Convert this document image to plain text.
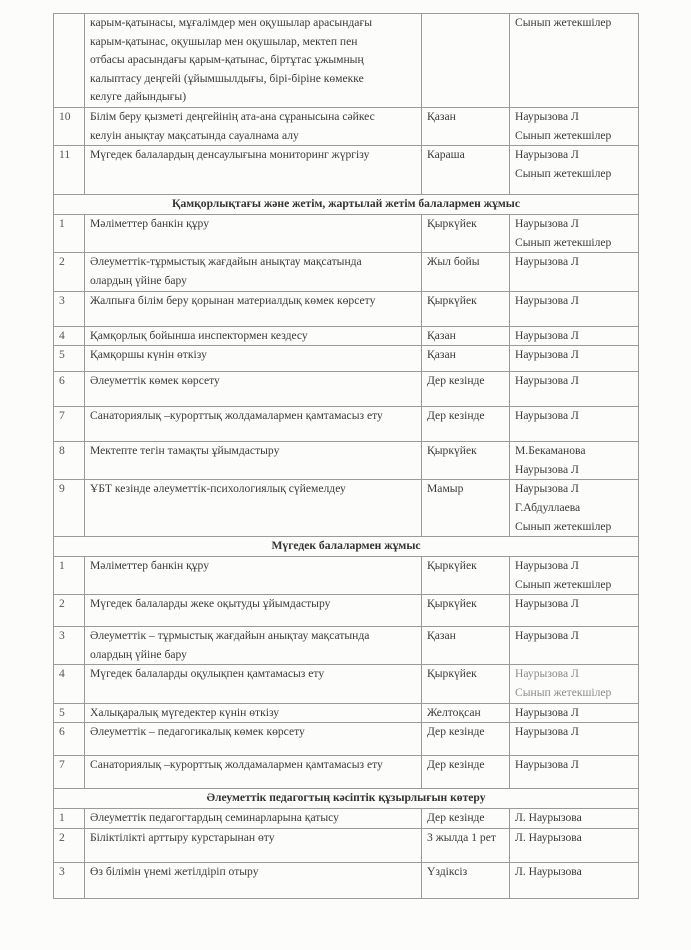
	карым-қатынасы, мұғалімдер мен оқушылар арасындағы
карым-қатынас, оқушылар мен оқушылар, мектеп пен
отбасы арасындағы қарым-қатынас, біртұтас ұжымның
калыптасу деңгейі (ұйымшылдығы, бірі-біріне көмекке
келуге дайындығы)		Сынып жетекшілер

10	Білім беру қызметі деңгейінің ата-ана сұранысына сәйкес
келуін анықтау мақсатында сауалнама алу	Қазан	Наурызова Л
Сынып жетекшілер

11	Мүгедек балалардың денсаулығына мониторинг жүргізу	Караша	Наурызова Л
Сынып жетекшілер

Қамқорлықтағы және жетім, жартылай жетім балалармен жұмыс			
1	Мәліметтер банкін құру	Қыркүйек	Наурызова Л
Сынып жетекшілер

2	Әлеуметтік-тұрмыстық жағдайын анықтау мақсатында
олардың үйіне бару	Жыл бойы	Наурызова Л

3	Жалпыға білім беру қорынан материалдық көмек көрсету	Қыркүйек	Наурызова Л

4	Қамқорлық бойынша инспектормен кездесу	Қазан	Наурызова Л

5	Қамқоршы күнін өткізу	Қазан	Наурызова Л

6	Әлеуметтік көмек көрсету	Дер кезінде	Наурызова Л

7	Санаториялық –курорттық жолдамалармен қамтамасыз ету	Дер кезінде	Наурызова Л

8	Мектепте тегін тамақты ұйымдастыру	Қыркүйек	М.Бекаманова
Наурызова Л

9	ҰБТ кезінде әлеуметтік-психологиялық сүйемелдеу	Мамыр	Наурызова Л
Г.Абдуллаева
Сынып жетекшілер

Мүгедек балалармен жұмыс			
1	Мәліметтер банкін құру	Қыркүйек	Наурызова Л
Сынып жетекшілер

2	Мүгедек балаларды жеке оқытуды ұйымдастыру	Қыркүйек	Наурызова Л

3	Әлеуметтік – тұрмыстық жағдайын анықтау мақсатында
олардың үйіне бару	Қазан	Наурызова Л

4	Мүгедек балаларды оқулықпен қамтамасыз ету	Қыркүйек	Наурызова Л
Сынып жетекшілер

5	Халықаралық мүгедектер күнін өткізу	Желтоқсан	Наурызова Л

6	Әлеуметтік – педагогикалық көмек көрсету	Дер кезінде	Наурызова Л

7	Санаториялық –курорттық жолдамалармен қамтамасыз ету	Дер кезінде	Наурызова Л

Әлеуметтік педагогтың кәсіптік құзырлығын көтеру			
1	Әлеуметтік педагогтардың семинарларына қатысу	Дер кезінде	Л. Наурызова

2	Біліктілікті арттыру курстарынан өту	3 жылда 1 рет	Л. Наурызова

3	Өз білімін үнемі жетілдіріп отыру	Үздіксіз	Л. Наурызова
